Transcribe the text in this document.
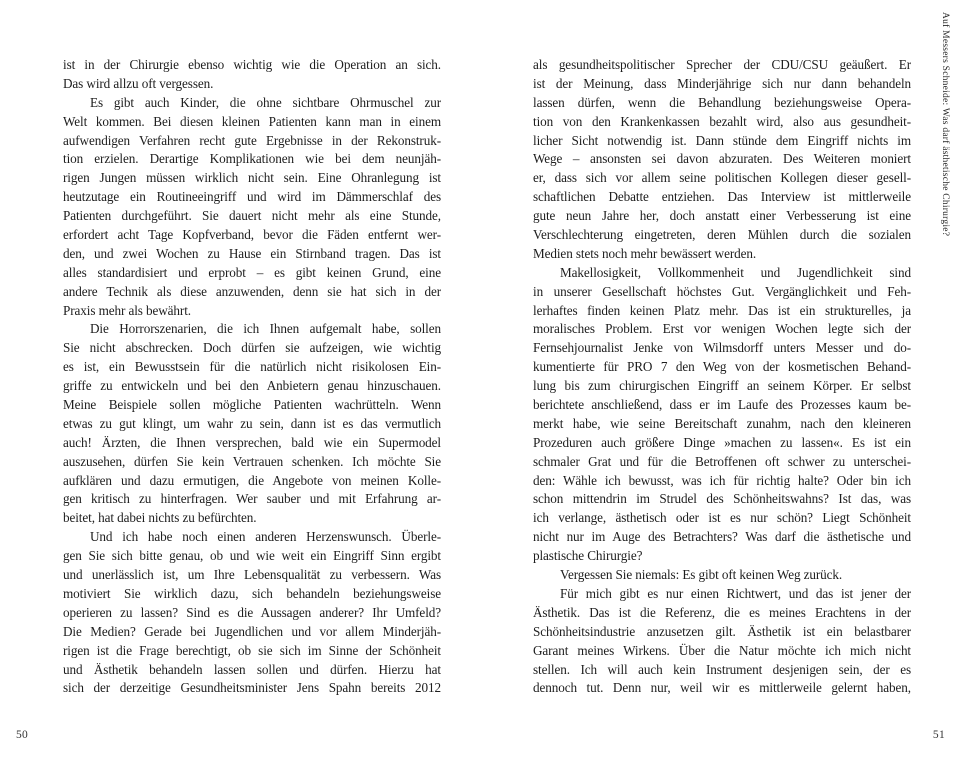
ist in der Chirurgie ebenso wichtig wie die Operation an sich.
Das wird allzu oft vergessen.
Es gibt auch Kinder, die ohne sichtbare Ohrmuschel zur
Welt kommen. Bei diesen kleinen Patienten kann man in einem
aufwendigen Verfahren recht gute Ergebnisse in der Rekonstruk-
tion erzielen. Derartige Komplikationen wie bei dem neunjäh-
rigen Jungen müssen wirklich nicht sein. Eine Ohranlegung ist
heutzutage ein Routineeingriff und wird im Dämmerschlaf des
Patienten durchgeführt. Sie dauert nicht mehr als eine Stunde,
erfordert acht Tage Kopfverband, bevor die Fäden entfernt wer-
den, und zwei Wochen zu Hause ein Stirnband tragen. Das ist
alles standardisiert und erprobt – es gibt keinen Grund, eine
andere Technik als diese anzuwenden, denn sie hat sich in der
Praxis mehr als bewährt.
Die Horrorszenarien, die ich Ihnen aufgemalt habe, sollen
Sie nicht abschrecken. Doch dürfen sie aufzeigen, wie wichtig
es ist, ein Bewusstsein für die natürlich nicht risikolosen Ein-
griffe zu entwickeln und bei den Anbietern genau hinzuschauen.
Meine Beispiele sollen mögliche Patienten wachrütteln. Wenn
etwas zu gut klingt, um wahr zu sein, dann ist es das vermutlich
auch! Ärzten, die Ihnen versprechen, bald wie ein Supermodel
auszusehen, dürfen Sie kein Vertrauen schenken. Ich möchte Sie
aufklären und dazu ermutigen, die Angebote von meinen Kolle-
gen kritisch zu hinterfragen. Wer sauber und mit Erfahrung ar-
beitet, hat dabei nichts zu befürchten.
Und ich habe noch einen anderen Herzenswunsch. Überle-
gen Sie sich bitte genau, ob und wie weit ein Eingriff Sinn ergibt
und unerlässlich ist, um Ihre Lebensqualität zu verbessern. Was
motiviert Sie wirklich dazu, sich behandeln beziehungsweise
operieren zu lassen? Sind es die Aussagen anderer? Ihr Umfeld?
Die Medien? Gerade bei Jugendlichen und vor allem Minderjäh-
rigen ist die Frage berechtigt, ob sie sich im Sinne der Schönheit
und Ästhetik behandeln lassen sollen und dürfen. Hierzu hat
sich der derzeitige Gesundheitsminister Jens Spahn bereits 2012
50
als gesundheitspolitischer Sprecher der CDU/CSU geäußert. Er
ist der Meinung, dass Minderjährige sich nur dann behandeln
lassen dürfen, wenn die Behandlung beziehungsweise Opera-
tion von den Krankenkassen bezahlt wird, also aus gesundheit-
licher Sicht notwendig ist. Dann stünde dem Eingriff nichts im
Wege – ansonsten sei davon abzuraten. Des Weiteren moniert
er, dass sich vor allem seine politischen Kollegen dieser gesell-
schaftlichen Debatte entziehen. Das Interview ist mittlerweile
gute neun Jahre her, doch anstatt einer Verbesserung ist eine
Verschlechterung eingetreten, deren Mühlen durch die sozialen
Medien stets noch mehr bewässert werden.
Makellosigkeit, Vollkommenheit und Jugendlichkeit sind
in unserer Gesellschaft höchstes Gut. Vergänglichkeit und Feh-
lerhaftes finden keinen Platz mehr. Das ist ein strukturelles, ja
moralisches Problem. Erst vor wenigen Wochen legte sich der
Fernsehjournalist Jenke von Wilmsdorff unters Messer und do-
kumentierte für PRO 7 den Weg von der kosmetischen Behand-
lung bis zum chirurgischen Eingriff an seinem Körper. Er selbst
berichtete anschließend, dass er im Laufe des Prozesses kaum be-
merkt habe, wie seine Bereitschaft zunahm, nach den kleineren
Prozeduren auch größere Dinge »machen zu lassen«. Es ist ein
schmaler Grat und für die Betroffenen oft schwer zu unterschei-
den: Wähle ich bewusst, was ich für richtig halte? Oder bin ich
schon mittendrin im Strudel des Schönheitswahns? Ist das, was
ich verlange, ästhetisch oder ist es nur schön? Liegt Schönheit
nicht nur im Auge des Betrachters? Was darf die ästhetische und
plastische Chirurgie?
Vergessen Sie niemals: Es gibt oft keinen Weg zurück.
Für mich gibt es nur einen Richtwert, und das ist jener der
Ästhetik. Das ist die Referenz, die es meines Erachtens in der
Schönheitsindustrie anzusetzen gilt. Ästhetik ist ein belastbarer
Garant meines Wirkens. Über die Natur möchte ich mich nicht
stellen. Ich will auch kein Instrument desjenigen sein, der es
dennoch tut. Denn nur, weil wir es mittlerweile gelernt haben,
Auf Messers Schneide: Was darf ästhetische Chirurgie?
51
